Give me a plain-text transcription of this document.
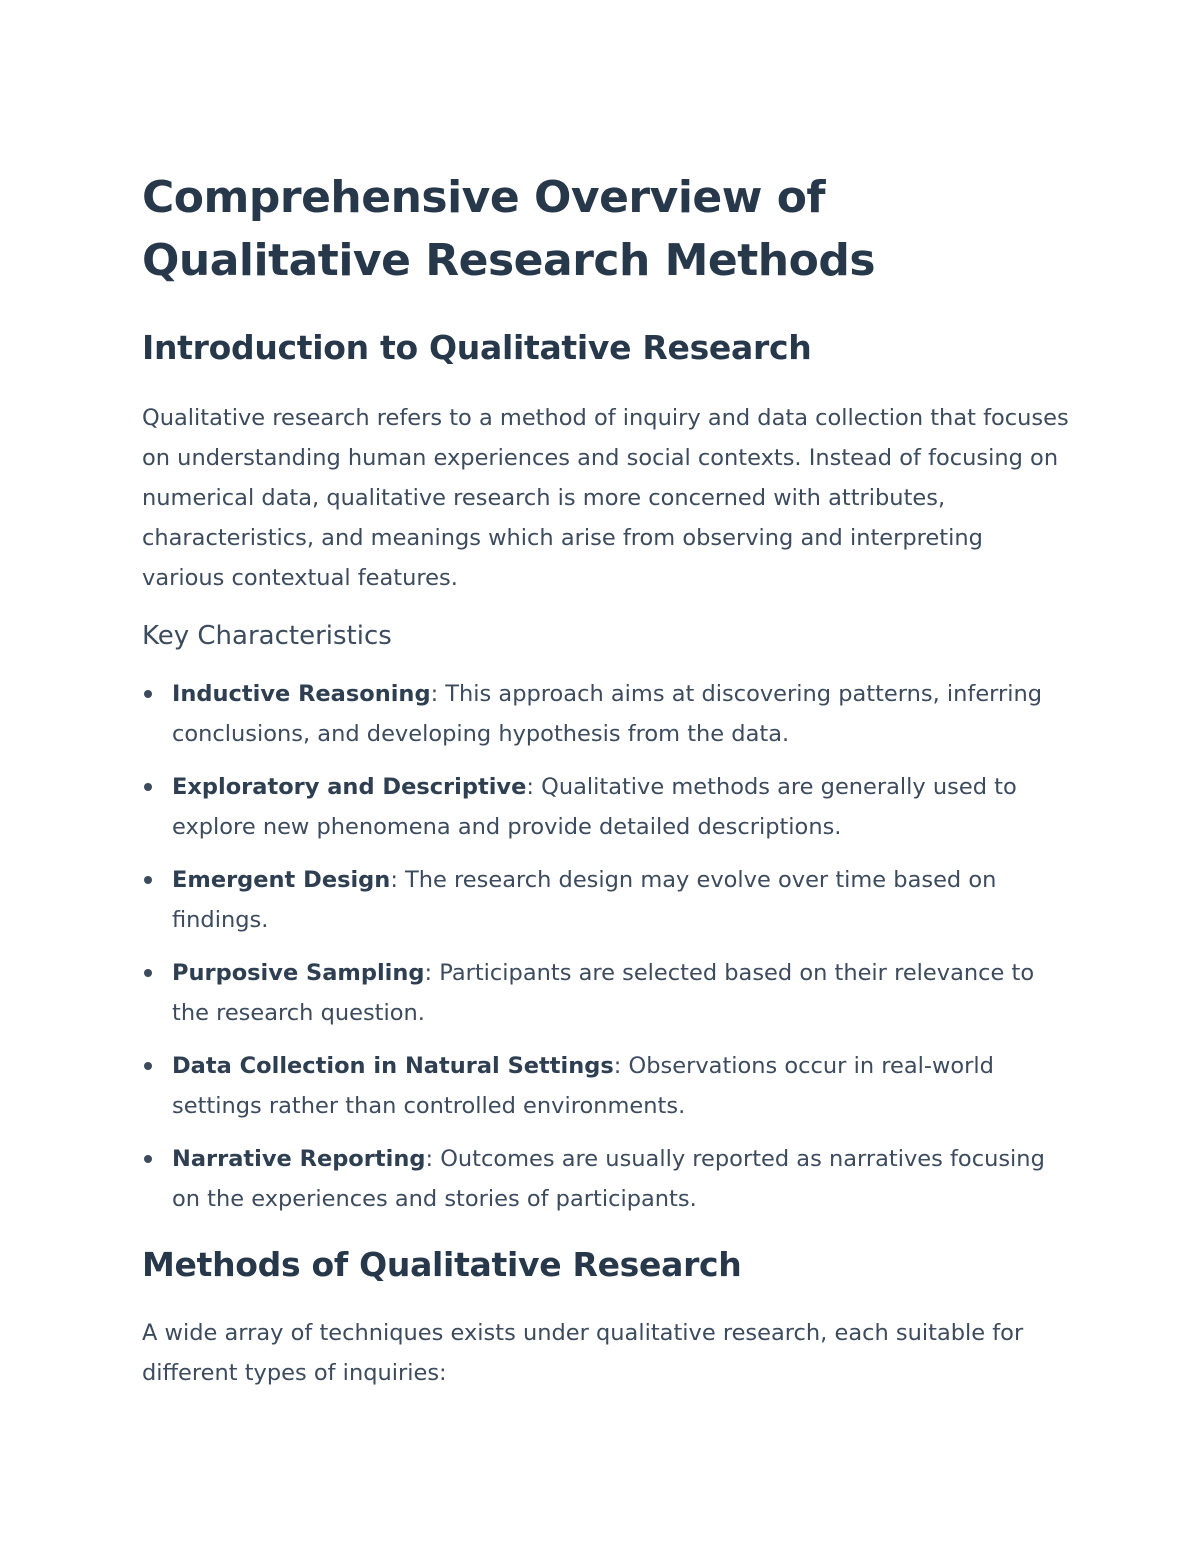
Comprehensive Overview of Qualitative Research Methods
Introduction to Qualitative Research

Qualitative research refers to a method of inquiry and data collection that focuses on understanding human experiences and social contexts. Instead of focusing on numerical data, qualitative research is more concerned with attributes, characteristics, and meanings which arise from observing and interpreting various contextual features.

Key Characteristics
Inductive Reasoning: This approach aims at discovering patterns, inferring conclusions, and developing hypothesis from the data.
Exploratory and Descriptive: Qualitative methods are generally used to explore new phenomena and provide detailed descriptions.
Emergent Design: The research design may evolve over time based on findings.
Purposive Sampling: Participants are selected based on their relevance to the research question.
Data Collection in Natural Settings: Observations occur in real-world settings rather than controlled environments.
Narrative Reporting: Outcomes are usually reported as narratives focusing on the experiences and stories of participants.
Methods of Qualitative Research

A wide array of techniques exists under qualitative research, each suitable for different types of inquiries:
